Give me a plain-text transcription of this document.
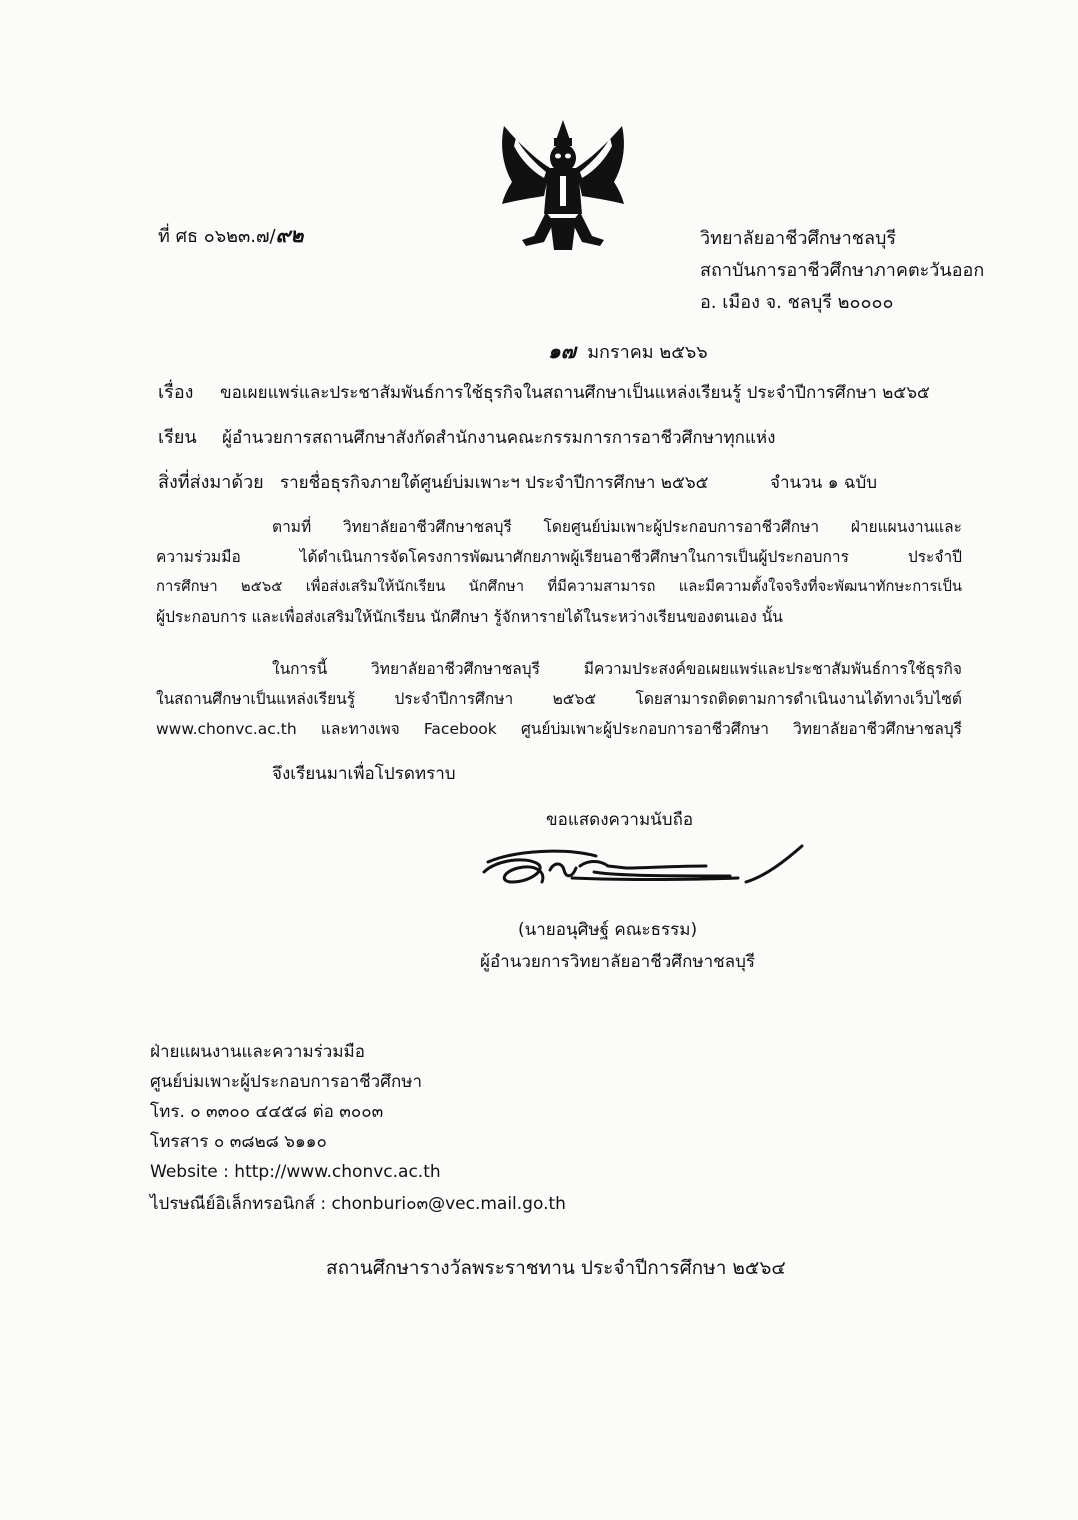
ที่ ศธ ๐๖๒๓.๗/๙๒	วิทยาลัยอาชีวศึกษาชลบุรี
สถาบันการอาชีวศึกษาภาคตะวันออก
อ. เมือง จ. ชลบุรี ๒๐๐๐๐
๑๗ มกราคม ๒๕๖๖
เรื่อง ขอเผยแพร่และประชาสัมพันธ์การใช้ธุรกิจในสถานศึกษาเป็นแหล่งเรียนรู้ ประจำปีการศึกษา ๒๕๖๕
เรียน ผู้อำนวยการสถานศึกษาสังกัดสำนักงานคณะกรรมการการอาชีวศึกษาทุกแห่ง
สิ่งที่ส่งมาด้วย รายชื่อธุรกิจภายใต้ศูนย์บ่มเพาะฯ ประจำปีการศึกษา ๒๕๖๕	จำนวน ๑ ฉบับ
ตามที่ วิทยาลัยอาชีวศึกษาชลบุรี โดยศูนย์บ่มเพาะผู้ประกอบการอาชีวศึกษา ฝ่ายแผนงานและ
ความร่วมมือ ได้ดำเนินการจัดโครงการพัฒนาศักยภาพผู้เรียนอาชีวศึกษาในการเป็นผู้ประกอบการ ประจำปี
การศึกษา ๒๕๖๕ เพื่อส่งเสริมให้นักเรียน นักศึกษา ที่มีความสามารถ และมีความตั้งใจจริงที่จะพัฒนาทักษะการเป็น
ผู้ประกอบการ และเพื่อส่งเสริมให้นักเรียน นักศึกษา รู้จักหารายได้ในระหว่างเรียนของตนเอง นั้น
ในการนี้ วิทยาลัยอาชีวศึกษาชลบุรี มีความประสงค์ขอเผยแพร่และประชาสัมพันธ์การใช้ธุรกิจ
ในสถานศึกษาเป็นแหล่งเรียนรู้ ประจำปีการศึกษา ๒๕๖๕ โดยสามารถติดตามการดำเนินงานได้ทางเว็บไซต์
www.chonvc.ac.th และทางเพจ Facebook ศูนย์บ่มเพาะผู้ประกอบการอาชีวศึกษา วิทยาลัยอาชีวศึกษาชลบุรี
จึงเรียนมาเพื่อโปรดทราบ
ขอแสดงความนับถือ
(นายอนุศิษฐ์ คณะธรรม)
ผู้อำนวยการวิทยาลัยอาชีวศึกษาชลบุรี
ฝ่ายแผนงานและความร่วมมือ
ศูนย์บ่มเพาะผู้ประกอบการอาชีวศึกษา
โทร. ๐ ๓๓๐๐ ๔๔๕๘ ต่อ ๓๐๐๓
โทรสาร ๐ ๓๘๒๘ ๖๑๑๐
Website : http://www.chonvc.ac.th
ไปรษณีย์อิเล็กทรอนิกส์ : chonburi๐๓@vec.mail.go.th
สถานศึกษารางวัลพระราชทาน ประจำปีการศึกษา ๒๕๖๔
